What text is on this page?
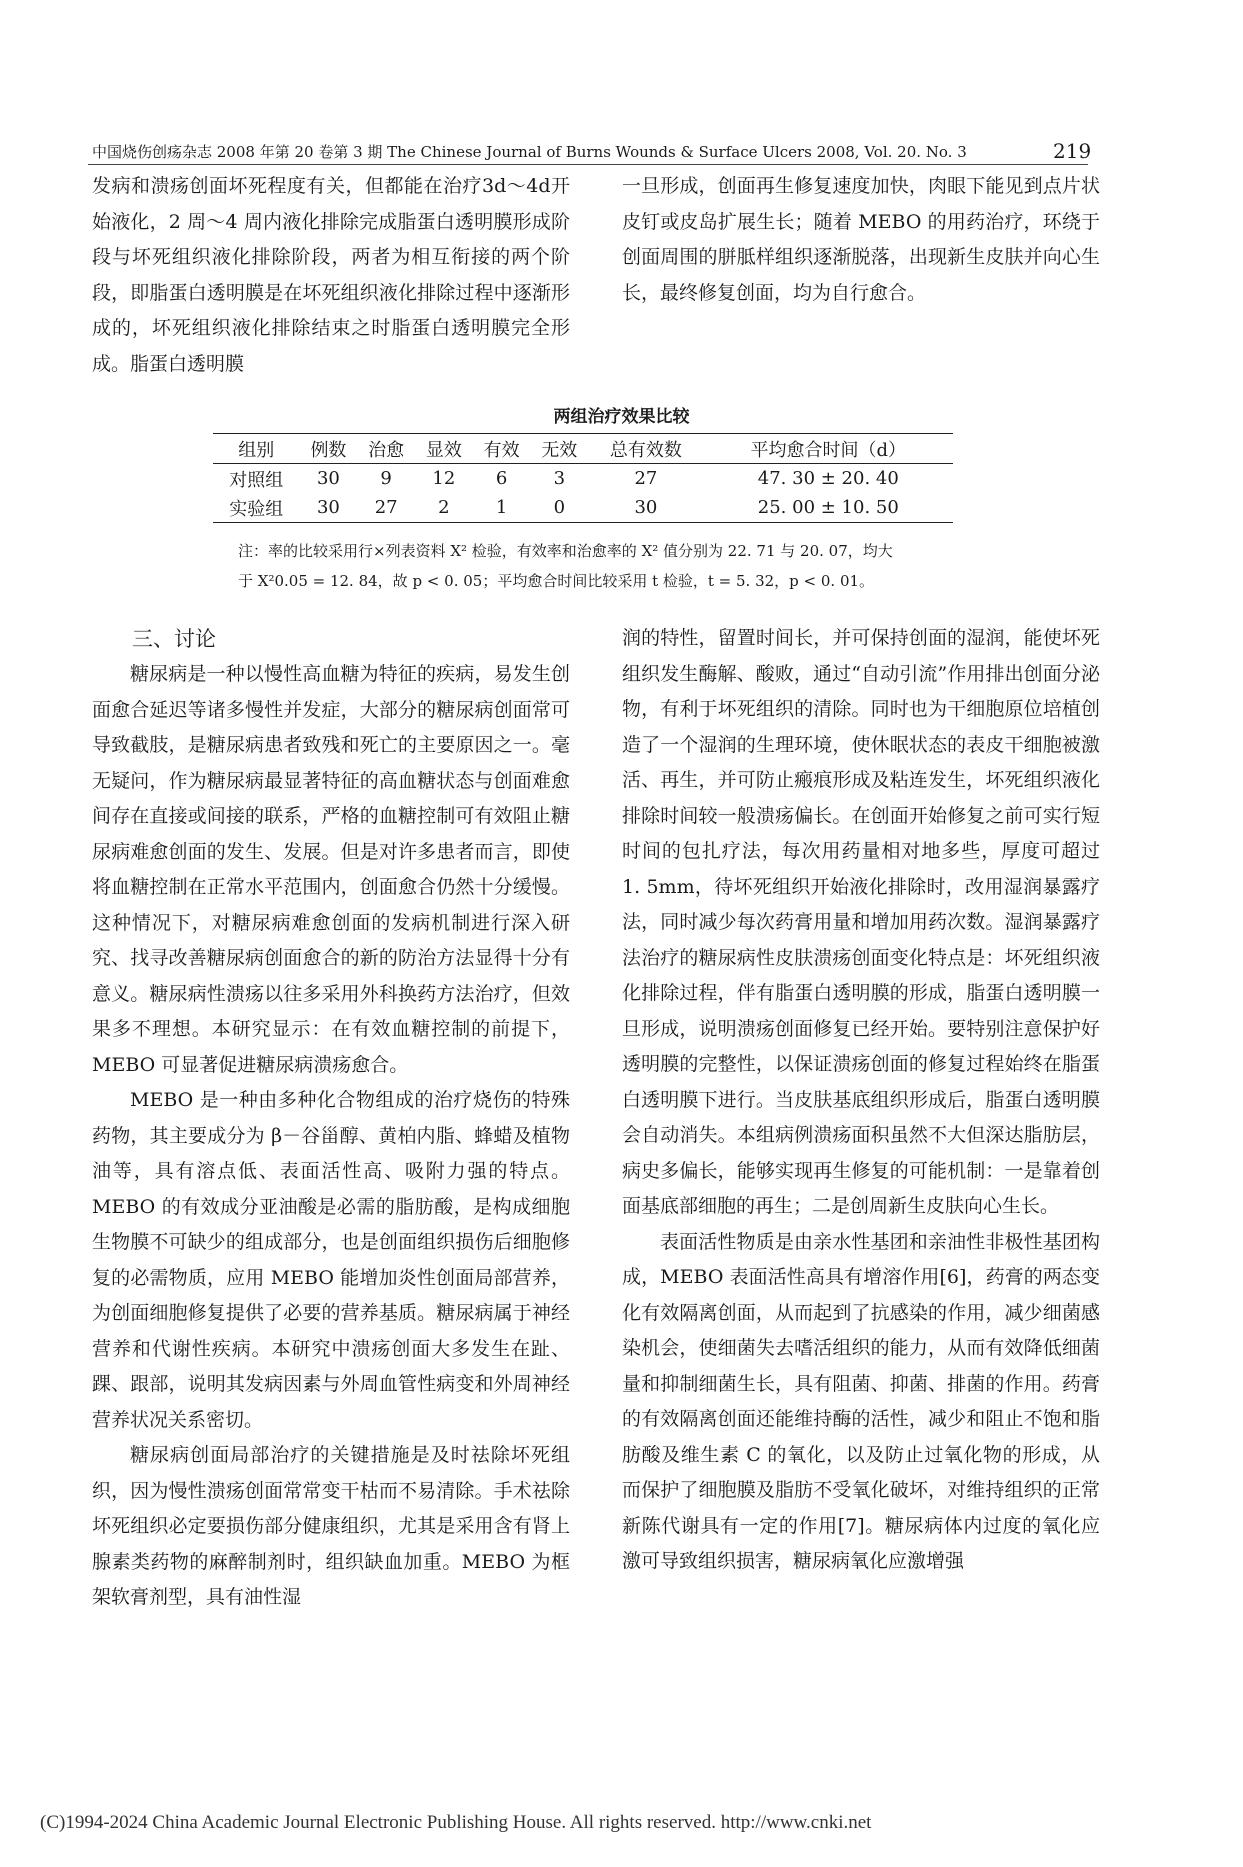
中国烧伤创疡杂志 2008 年第 20 卷第 3 期 The Chinese Journal of Burns Wounds & Surface Ulcers 2008, Vol. 20. No. 3	219

发病和溃疡创面坏死程度有关，但都能在治疗3d～4d开始液化，2 周～4 周内液化排除完成脂蛋白透明膜形成阶段与坏死组织液化排除阶段，两者为相互衔接的两个阶段，即脂蛋白透明膜是在坏死组织液化排除过程中逐渐形成的，坏死组织液化排除结束之时脂蛋白透明膜完全形成。脂蛋白透明膜

一旦形成，创面再生修复速度加快，肉眼下能见到点片状皮钉或皮岛扩展生长；随着 MEBO 的用药治疗，环绕于创面周围的胼胝样组织逐渐脱落，出现新生皮肤并向心生长，最终修复创面，均为自行愈合。

两组治疗效果比较
组别	例数	治愈	显效	有效	无效	总有效数	平均愈合时间（d）
对照组	30	9	12	6	3	27	47. 30 ± 20. 40
实验组	30	27	2	1	0	30	25. 00 ± 10. 50
注：率的比较采用行×列表资料 X² 检验，有效率和治愈率的 X² 值分别为 22. 71 与 20. 07，均大
于 X²0.05 = 12. 84，故 p < 0. 05；平均愈合时间比较采用 t 检验，t = 5. 32，p < 0. 01。
三、讨论

糖尿病是一种以慢性高血糖为特征的疾病，易发生创面愈合延迟等诸多慢性并发症，大部分的糖尿病创面常可导致截肢，是糖尿病患者致残和死亡的主要原因之一。毫无疑问，作为糖尿病最显著特征的高血糖状态与创面难愈间存在直接或间接的联系，严格的血糖控制可有效阻止糖尿病难愈创面的发生、发展。但是对许多患者而言，即使将血糖控制在正常水平范围内，创面愈合仍然十分缓慢。这种情况下，对糖尿病难愈创面的发病机制进行深入研究、找寻改善糖尿病创面愈合的新的防治方法显得十分有意义。糖尿病性溃疡以往多采用外科换药方法治疗，但效果多不理想。本研究显示：在有效血糖控制的前提下，MEBO 可显著促进糖尿病溃疡愈合。

MEBO 是一种由多种化合物组成的治疗烧伤的特殊药物，其主要成分为 β－谷甾醇、黄柏内脂、蜂蜡及植物油等，具有溶点低、表面活性高、吸附力强的特点。MEBO 的有效成分亚油酸是必需的脂肪酸，是构成细胞生物膜不可缺少的组成部分，也是创面组织损伤后细胞修复的必需物质，应用 MEBO 能增加炎性创面局部营养，为创面细胞修复提供了必要的营养基质。糖尿病属于神经营养和代谢性疾病。本研究中溃疡创面大多发生在趾、踝、跟部，说明其发病因素与外周血管性病变和外周神经营养状况关系密切。

糖尿病创面局部治疗的关键措施是及时祛除坏死组织，因为慢性溃疡创面常常变干枯而不易清除。手术祛除坏死组织必定要损伤部分健康组织，尤其是采用含有肾上腺素类药物的麻醉制剂时，组织缺血加重。MEBO 为框架软膏剂型，具有油性湿

润的特性，留置时间长，并可保持创面的湿润，能使坏死组织发生酶解、酸败，通过“自动引流”作用排出创面分泌物，有利于坏死组织的清除。同时也为干细胞原位培植创造了一个湿润的生理环境，使休眠状态的表皮干细胞被激活、再生，并可防止瘢痕形成及粘连发生，坏死组织液化排除时间较一般溃疡偏长。在创面开始修复之前可实行短时间的包扎疗法，每次用药量相对地多些，厚度可超过 1. 5mm，待坏死组织开始液化排除时，改用湿润暴露疗法，同时减少每次药膏用量和增加用药次数。湿润暴露疗法治疗的糖尿病性皮肤溃疡创面变化特点是：坏死组织液化排除过程，伴有脂蛋白透明膜的形成，脂蛋白透明膜一旦形成，说明溃疡创面修复已经开始。要特别注意保护好透明膜的完整性，以保证溃疡创面的修复过程始终在脂蛋白透明膜下进行。当皮肤基底组织形成后，脂蛋白透明膜会自动消失。本组病例溃疡面积虽然不大但深达脂肪层，病史多偏长，能够实现再生修复的可能机制：一是靠着创面基底部细胞的再生；二是创周新生皮肤向心生长。

表面活性物质是由亲水性基团和亲油性非极性基团构成，MEBO 表面活性高具有增溶作用[6]，药膏的两态变化有效隔离创面，从而起到了抗感染的作用，减少细菌感染机会，使细菌失去嗜活组织的能力，从而有效降低细菌量和抑制细菌生长，具有阻菌、抑菌、排菌的作用。药膏的有效隔离创面还能维持酶的活性，减少和阻止不饱和脂肪酸及维生素 C 的氧化，以及防止过氧化物的形成，从而保护了细胞膜及脂肪不受氧化破坏，对维持组织的正常新陈代谢具有一定的作用[7]。糖尿病体内过度的氧化应激可导致组织损害，糖尿病氧化应激增强

(C)1994-2024 China Academic Journal Electronic Publishing House. All rights reserved. http://www.cnki.net
